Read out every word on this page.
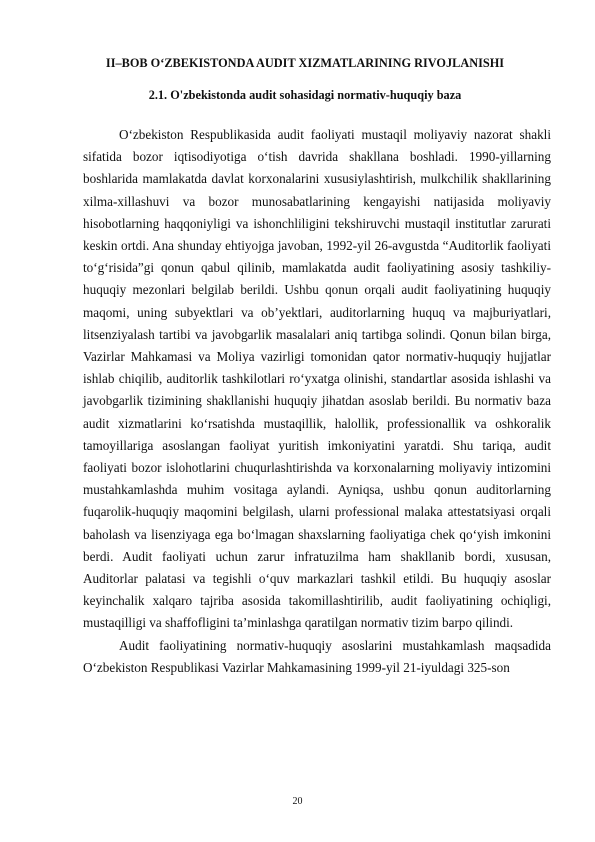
II–BOB O‘ZBEKISTONDA AUDIT XIZMATLARINING RIVOJLANISHI
2.1. O'zbekistonda audit sohasidagi normativ-huquqiy baza

O‘zbekiston Respublikasida audit faoliyati mustaqil moliyaviy nazorat shakli sifatida bozor iqtisodiyotiga o‘tish davrida shakllana boshladi. 1990-yillarning boshlarida mamlakatda davlat korxonalarini xususiylashtirish, mulkchilik shakllarining xilma-xillashuvi va bozor munosabatlarining kengayishi natijasida moliyaviy hisobotlarning haqqoniyligi va ishonchliligini tekshiruvchi mustaqil institutlar zarurati keskin ortdi. Ana shunday ehtiyojga javoban, 1992-yil 26-avgustda “Auditorlik faoliyati to‘g‘risida”gi qonun qabul qilinib, mamlakatda audit faoliyatining asosiy tashkiliy-huquqiy mezonlari belgilab berildi. Ushbu qonun orqali audit faoliyatining huquqiy maqomi, uning subyektlari va ob’yektlari, auditorlarning huquq va majburiyatlari, litsenziyalash tartibi va javobgarlik masalalari aniq tartibga solindi. Qonun bilan birga, Vazirlar Mahkamasi va Moliya vazirligi tomonidan qator normativ-huquqiy hujjatlar ishlab chiqilib, auditorlik tashkilotlari ro‘yxatga olinishi, standartlar asosida ishlashi va javobgarlik tizimining shakllanishi huquqiy jihatdan asoslab berildi. Bu normativ baza audit xizmatlarini ko‘rsatishda mustaqillik, halollik, professionallik va oshkoralik tamoyillariga asoslangan faoliyat yuritish imkoniyatini yaratdi. Shu tariqa, audit faoliyati bozor islohotlarini chuqurlashtirishda va korxonalarning moliyaviy intizomini mustahkamlashda muhim vositaga aylandi. Ayniqsa, ushbu qonun auditorlarning fuqarolik-huquqiy maqomini belgilash, ularni professional malaka attestatsiyasi orqali baholash va lisenziyaga ega bo‘lmagan shaxslarning faoliyatiga chek qo‘yish imkonini berdi. Audit faoliyati uchun zarur infratuzilma ham shakllanib bordi, xususan, Auditorlar palatasi va tegishli o‘quv markazlari tashkil etildi. Bu huquqiy asoslar keyinchalik xalqaro tajriba asosida takomillashtirilib, audit faoliyatining ochiqligi, mustaqilligi va shaffofligini ta’minlashga qaratilgan normativ tizim barpo qilindi.

Audit faoliyatining normativ-huquqiy asoslarini mustahkamlash maqsadida O‘zbekiston Respublikasi Vazirlar Mahkamasining 1999-yil 21-iyuldagi 325-son

20
